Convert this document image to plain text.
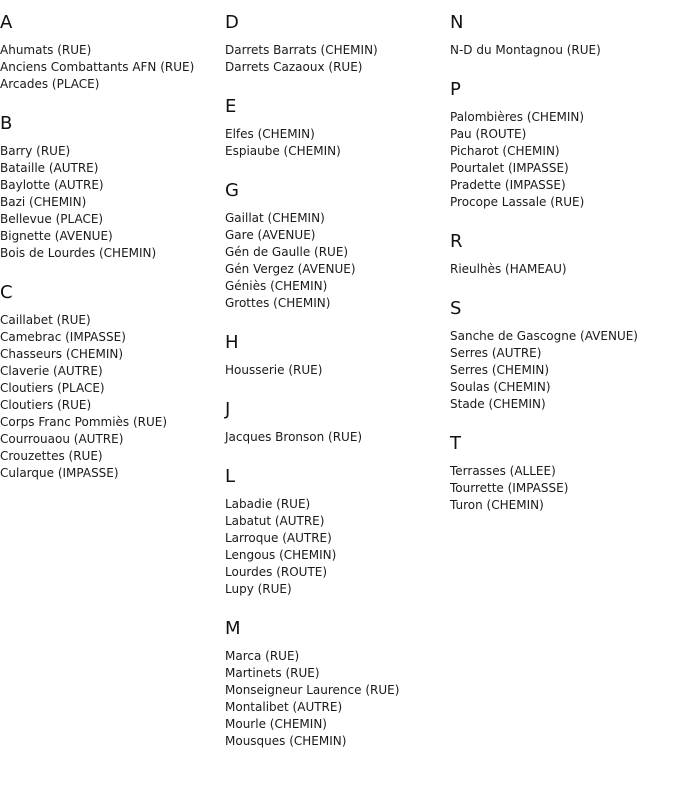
A
Ahumats (RUE)
Anciens Combattants AFN (RUE)
Arcades (PLACE)
B
Barry (RUE)
Bataille (AUTRE)
Baylotte (AUTRE)
Bazi (CHEMIN)
Bellevue (PLACE)
Bignette (AVENUE)
Bois de Lourdes (CHEMIN)
C
Caillabet (RUE)
Camebrac (IMPASSE)
Chasseurs (CHEMIN)
Claverie (AUTRE)
Cloutiers (PLACE)
Cloutiers (RUE)
Corps Franc Pommiès (RUE)
Courrouaou (AUTRE)
Crouzettes (RUE)
Cularque (IMPASSE)
D
Darrets Barrats (CHEMIN)
Darrets Cazaoux (RUE)
E
Elfes (CHEMIN)
Espiaube (CHEMIN)
G
Gaillat (CHEMIN)
Gare (AVENUE)
Gén de Gaulle (RUE)
Gén Vergez (AVENUE)
Géniès (CHEMIN)
Grottes (CHEMIN)
H
Housserie (RUE)
J
Jacques Bronson (RUE)
L
Labadie (RUE)
Labatut (AUTRE)
Larroque (AUTRE)
Lengous (CHEMIN)
Lourdes (ROUTE)
Lupy (RUE)
M
Marca (RUE)
Martinets (RUE)
Monseigneur Laurence (RUE)
Montalibet (AUTRE)
Mourle (CHEMIN)
Mousques (CHEMIN)
N
N-D du Montagnou (RUE)
P
Palombières (CHEMIN)
Pau (ROUTE)
Picharot (CHEMIN)
Pourtalet (IMPASSE)
Pradette (IMPASSE)
Procope Lassale (RUE)
R
Rieulhès (HAMEAU)
S
Sanche de Gascogne (AVENUE)
Serres (AUTRE)
Serres (CHEMIN)
Soulas (CHEMIN)
Stade (CHEMIN)
T
Terrasses (ALLEE)
Tourrette (IMPASSE)
Turon (CHEMIN)
